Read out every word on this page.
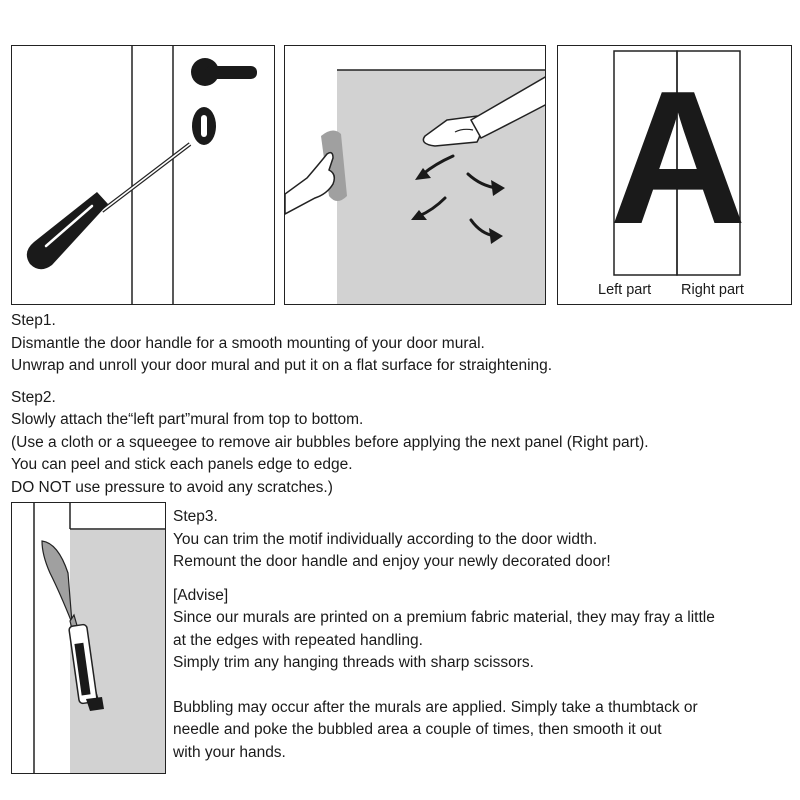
A
Left part Right part

Step1.

Dismantle the door handle for a smooth mounting of your door mural.

Unwrap and unroll your door mural and put it on a flat surface for straightening.

Step2.

Slowly attach the“left part”mural from top to bottom.

(Use a cloth or a squeegee to remove air bubbles before applying the next panel (Right part).

You can peel and stick each panels edge to edge.

DO NOT use pressure to avoid any scratches.)

Step3.

You can trim the motif individually according to the door width.

Remount the door handle and enjoy your newly decorated door!

[Advise]

Since our murals are printed on a premium fabric material, they may fray a little

at the edges with repeated handling.

Simply trim any hanging threads with sharp scissors.

Bubbling may occur after the murals are applied. Simply take a thumbtack or

needle and poke the bubbled area a couple of times, then smooth it out

with your hands.
